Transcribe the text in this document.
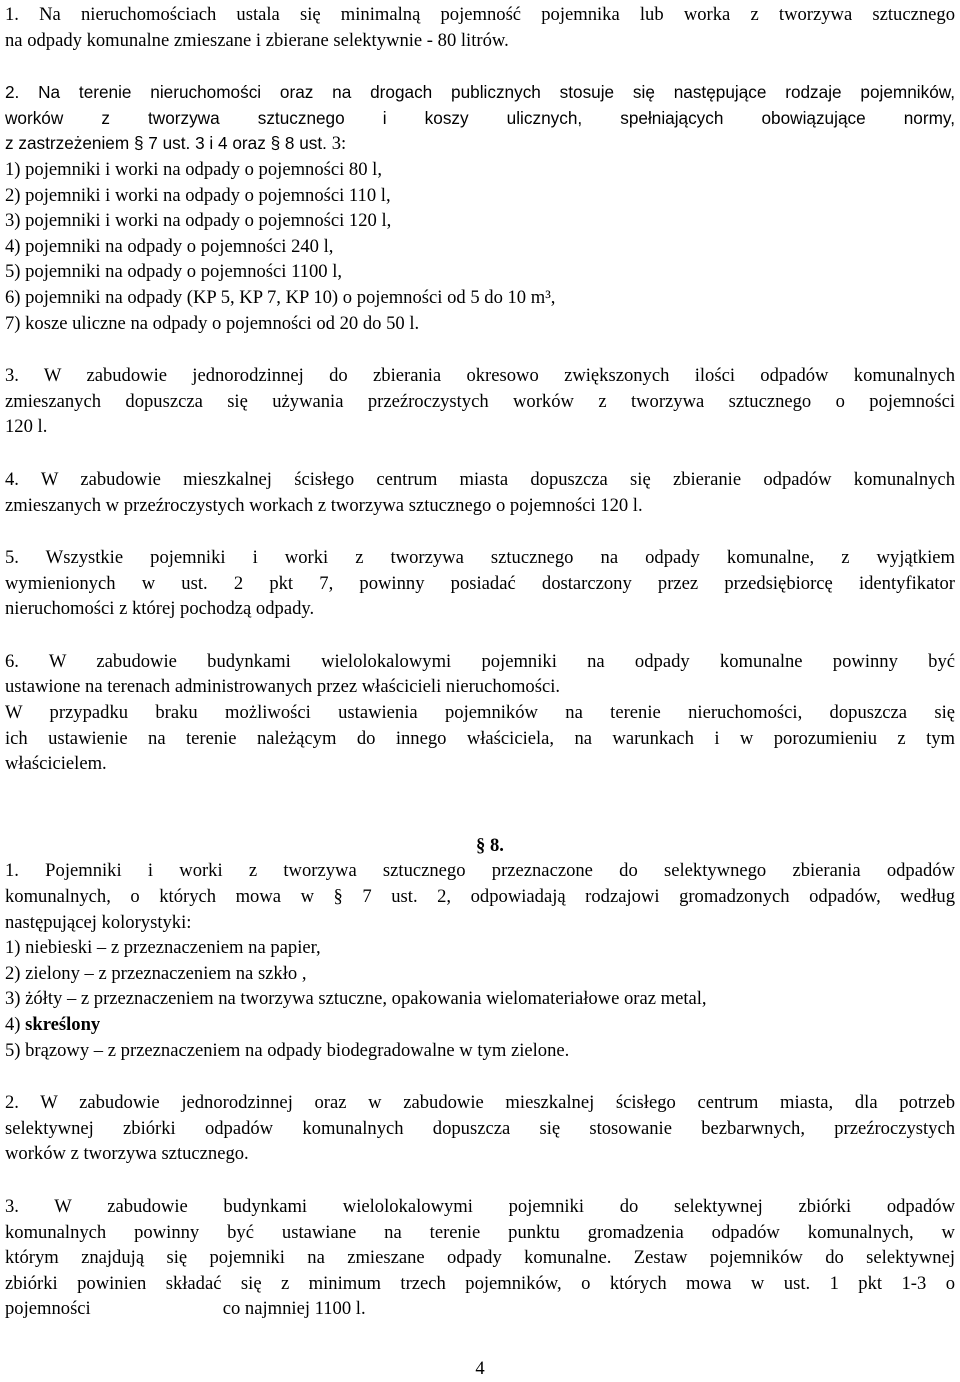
1. Na nieruchomościach ustala się minimalną pojemność pojemnika lub worka z tworzywa sztucznego
na odpady komunalne zmieszane i zbierane selektywnie - 80 litrów.
2. Na terenie nieruchomości oraz na drogach publicznych stosuje się następujące rodzaje pojemników,
worków z tworzywa sztucznego i koszy ulicznych, spełniających obowiązujące normy,
z zastrzeżeniem § 7 ust. 3 i 4 oraz § 8 ust. 3:
1) pojemniki i worki na odpady o pojemności 80 l,
2) pojemniki i worki na odpady o pojemności 110 l,
3) pojemniki i worki na odpady o pojemności 120 l,
4) pojemniki na odpady o pojemności 240 l,
5) pojemniki na odpady o pojemności 1100 l,
6) pojemniki na odpady (KP 5, KP 7, KP 10) o pojemności od 5 do 10 m³,
7) kosze uliczne na odpady o pojemności od 20 do 50 l.
3. W zabudowie jednorodzinnej do zbierania okresowo zwiększonych ilości odpadów komunalnych
zmieszanych dopuszcza się używania przeźroczystych worków z tworzywa sztucznego o pojemności
120 l.
4. W zabudowie mieszkalnej ścisłego centrum miasta dopuszcza się zbieranie odpadów komunalnych
zmieszanych w przeźroczystych workach z tworzywa sztucznego o pojemności 120 l.
5. Wszystkie pojemniki i worki z tworzywa sztucznego na odpady komunalne, z wyjątkiem
wymienionych w ust. 2 pkt 7, powinny posiadać dostarczony przez przedsiębiorcę identyfikator
nieruchomości z której pochodzą odpady.
6. W zabudowie budynkami wielolokalowymi pojemniki na odpady komunalne powinny być
ustawione na terenach administrowanych przez właścicieli nieruchomości.
W przypadku braku możliwości ustawienia pojemników na terenie nieruchomości, dopuszcza się
ich ustawienie na terenie należącym do innego właściciela, na warunkach i w porozumieniu z tym
właścicielem.

§ 8.

1. Pojemniki i worki z tworzywa sztucznego przeznaczone do selektywnego zbierania odpadów
komunalnych, o których mowa w § 7 ust. 2, odpowiadają rodzajowi gromadzonych odpadów, według
następującej kolorystyki:
1) niebieski – z przeznaczeniem na papier,
2) zielony – z przeznaczeniem na szkło ,
3) żółty – z przeznaczeniem na tworzywa sztuczne, opakowania wielomateriałowe oraz metal,
4) skreślony
5) brązowy – z przeznaczeniem na odpady biodegradowalne w tym zielone.
2. W zabudowie jednorodzinnej oraz w zabudowie mieszkalnej ścisłego centrum miasta, dla potrzeb
selektywnej zbiórki odpadów komunalnych dopuszcza się stosowanie bezbarwnych, przeźroczystych
worków z tworzywa sztucznego.
3. W zabudowie budynkami wielolokalowymi pojemniki do selektywnej zbiórki odpadów
komunalnych powinny być ustawiane na terenie punktu gromadzenia odpadów komunalnych, w
którym znajdują się pojemniki na zmieszane odpady komunalne. Zestaw pojemników do selektywnej
zbiórki powinien składać się z minimum trzech pojemników, o których mowa w ust. 1 pkt 1-3 o
pojemności	co najmniej 1100 l.
4
